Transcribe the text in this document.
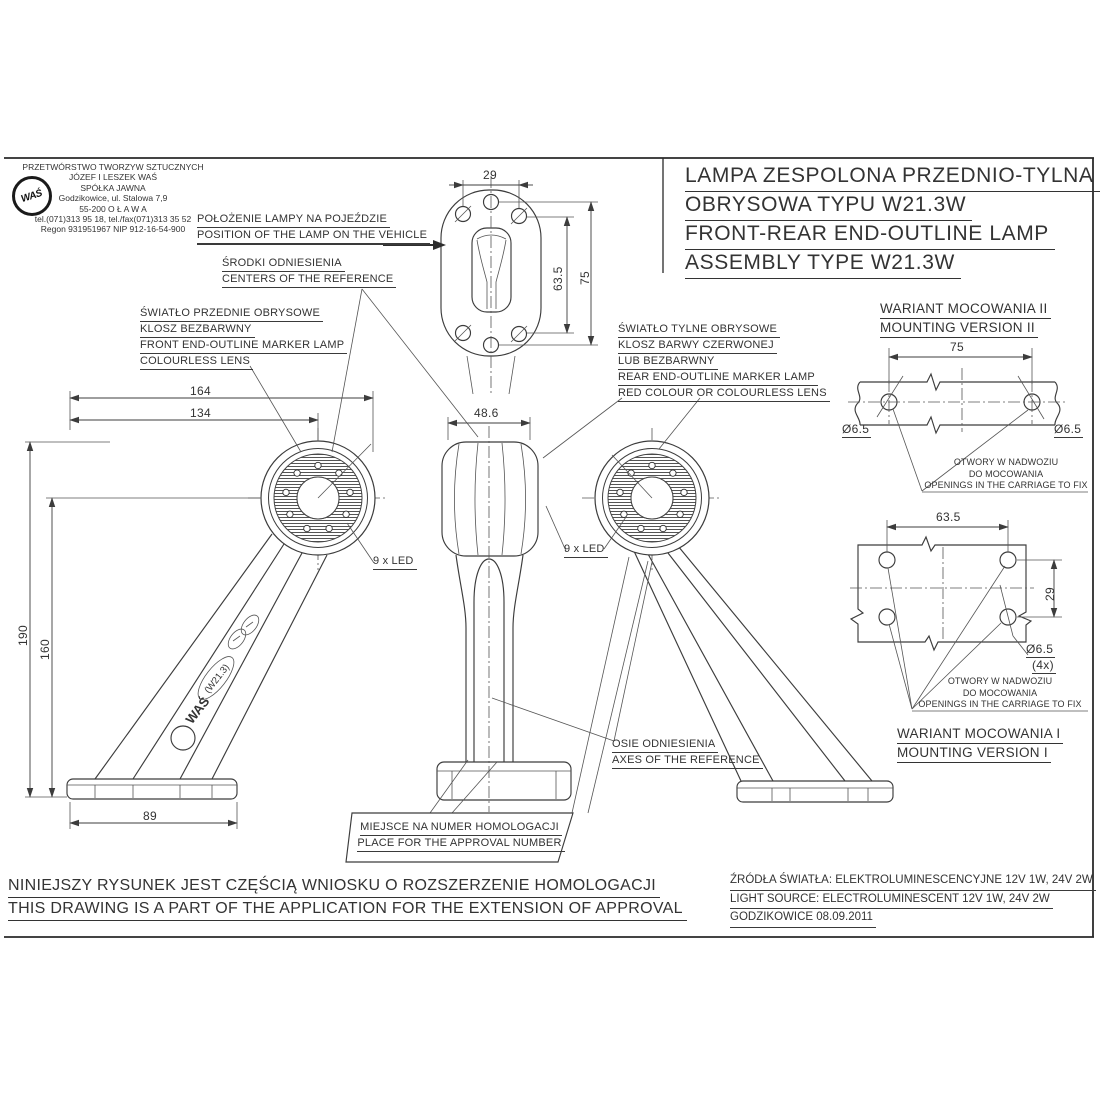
WAŚ
(W21.3)
WAŚ
PRZETWÓRSTWO TWORZYW SZTUCZNYCH
JÓZEF I LESZEK WAŚ
SPÓŁKA JAWNA
Godzikowice, ul. Stalowa 7,9
55-200 O Ł A W A
tel.(071)313 95 18, tel./fax(071)313 35 52
Regon 931951967 NIP 912-16-54-900
LAMPA ZESPOLONA PRZEDNIO-TYLNA
OBRYSOWA TYPU W21.3W
FRONT-REAR END-OUTLINE LAMP
ASSEMBLY TYPE W21.3W
POŁOŻENIE LAMPY NA POJEŹDZIE
POSITION OF THE LAMP ON THE VEHICLE
ŚRODKI ODNIESIENIA
CENTERS OF THE REFERENCE
ŚWIATŁO PRZEDNIE OBRYSOWE
KLOSZ BEZBARWNY
FRONT END-OUTLINE MARKER LAMP
COLOURLESS LENS
ŚWIATŁO TYLNE OBRYSOWE
KLOSZ BARWY CZERWONEJ
LUB BEZBARWNY
REAR END-OUTLINE MARKER LAMP
RED COLOUR OR COLOURLESS LENS
9 x LED
9 x LED
OSIE ODNIESIENIA
AXES OF THE REFERENCE
MIEJSCE NA NUMER HOMOLOGACJI
PLACE FOR THE APPROVAL NUMBER
WARIANT MOCOWANIA II
MOUNTING VERSION II
OTWORY W NADWOZIU
DO MOCOWANIA
OPENINGS IN THE CARRIAGE TO FIX
OTWORY W NADWOZIU
DO MOCOWANIA
OPENINGS IN THE CARRIAGE TO FIX
WARIANT MOCOWANIA I
MOUNTING VERSION I
29
63.5 75
48.6
164
134
190
160
89
75
Ø6.5	Ø6.5
63.5
29
Ø6.5
(4x)
NINIEJSZY RYSUNEK JEST CZĘŚCIĄ WNIOSKU O ROZSZERZENIE HOMOLOGACJI
THIS DRAWING IS A PART OF THE APPLICATION FOR THE EXTENSION OF APPROVAL
ŹRÓDŁA ŚWIATŁA: ELEKTROLUMINESCENCYJNE 12V 1W, 24V 2W
LIGHT SOURCE: ELECTROLUMINESCENT 12V 1W, 24V 2W
GODZIKOWICE 08.09.2011
